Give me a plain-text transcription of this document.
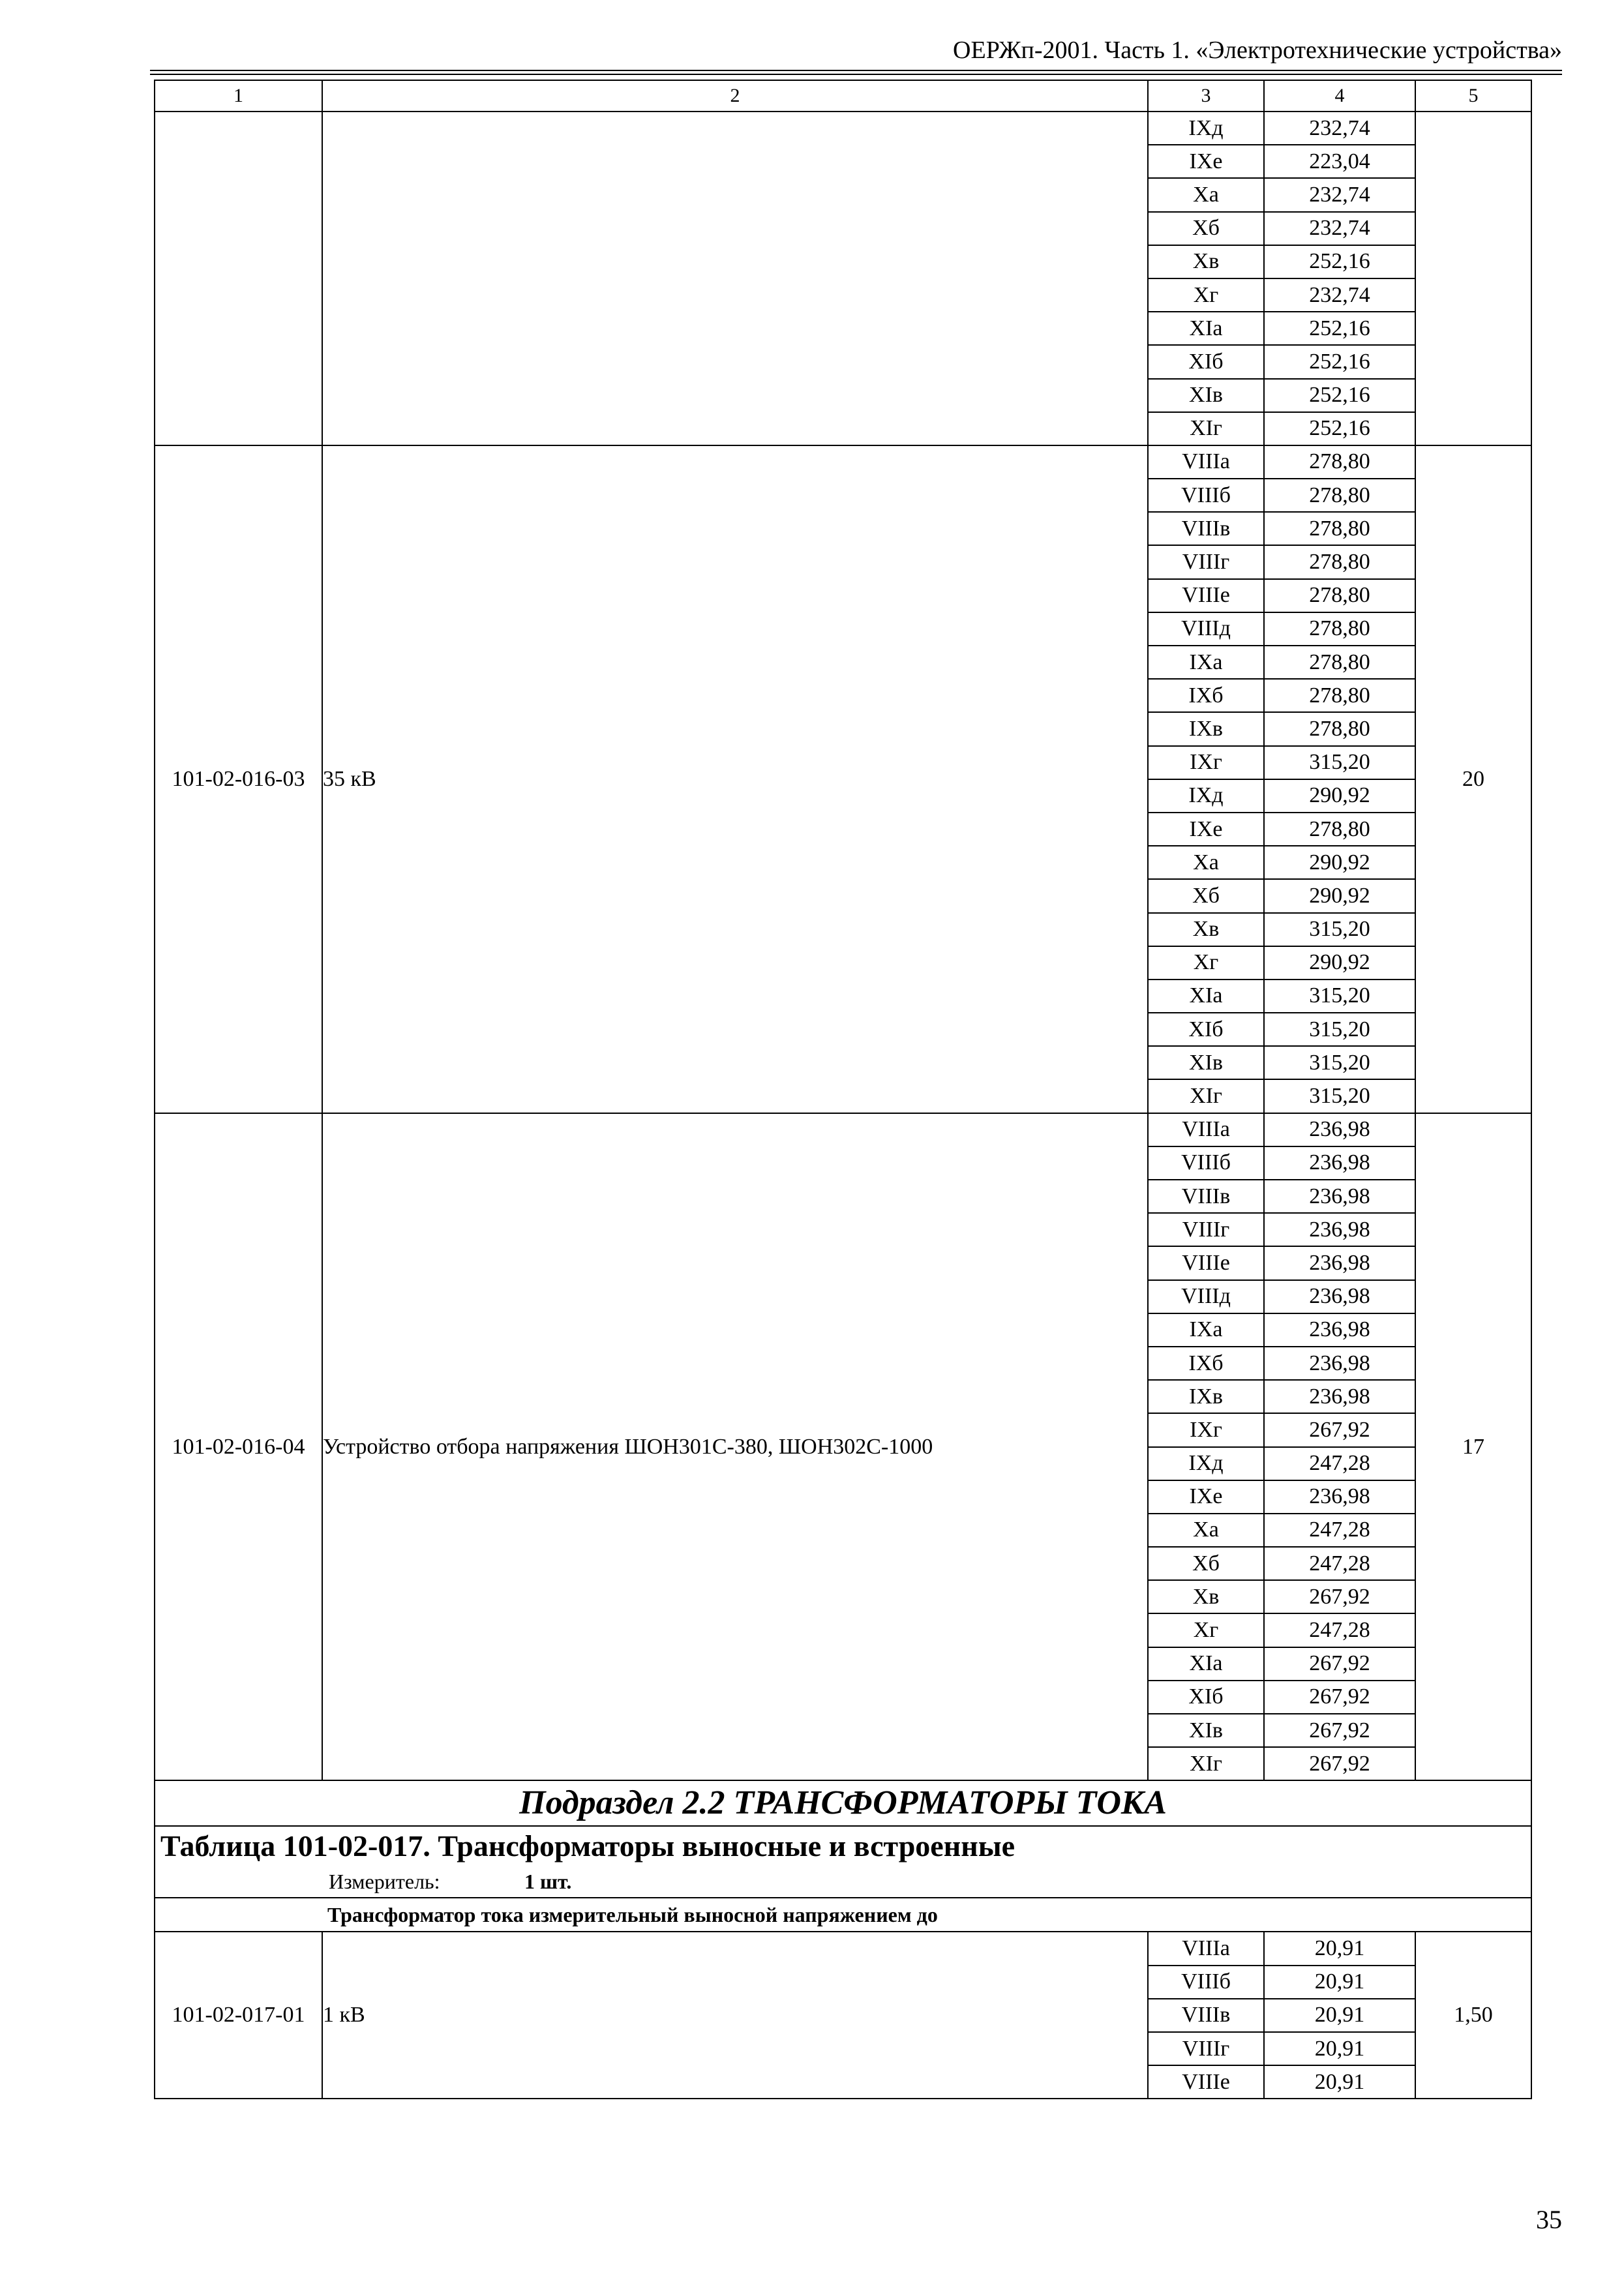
ОЕРЖп-2001. Часть 1. «Электротехнические устройства»
1	2	3	4	5
		IXд	232,74	
		IXе	223,04	
		Xа	232,74	
		Xб	232,74	
		Xв	252,16	
		Xг	232,74	
		XIа	252,16	
		XIб	252,16	
		XIв	252,16	
		XIг	252,16	
101-02-016-03	35 кВ	VIIIа	278,80	20
		VIIIб	278,80	
		VIIIв	278,80	
		VIIIг	278,80	
		VIIIе	278,80	
		VIIIд	278,80	
		IXа	278,80	
		IXб	278,80	
		IXв	278,80	
		IXг	315,20	
		IXд	290,92	
		IXе	278,80	
		Xа	290,92	
		Xб	290,92	
		Xв	315,20	
		Xг	290,92	
		XIа	315,20	
		XIб	315,20	
		XIв	315,20	
		XIг	315,20	
101-02-016-04	Устройство отбора напряжения ШОН301С-380, ШОН302С-1000	VIIIа	236,98	17
		VIIIб	236,98	
		VIIIв	236,98	
		VIIIг	236,98	
		VIIIе	236,98	
		VIIIд	236,98	
		IXа	236,98	
		IXб	236,98	
		IXв	236,98	
		IXг	267,92	
		IXд	247,28	
		IXе	236,98	
		Xа	247,28	
		Xб	247,28	
		Xв	267,92	
		Xг	247,28	
		XIа	267,92	
		XIб	267,92	
		XIв	267,92	
		XIг	267,92	
Подраздел 2.2 ТРАНСФОРМАТОРЫ ТОКА				
Таблица 101-02-017. Трансформаторы выносные и встроенные				
Измеритель: 1 шт.				
Трансформатор тока измерительный выносной напряжением до				
101-02-017-01	1 кВ	VIIIа	20,91	1,50
		VIIIб	20,91	
		VIIIв	20,91	
		VIIIг	20,91	
		VIIIе	20,91	
35
